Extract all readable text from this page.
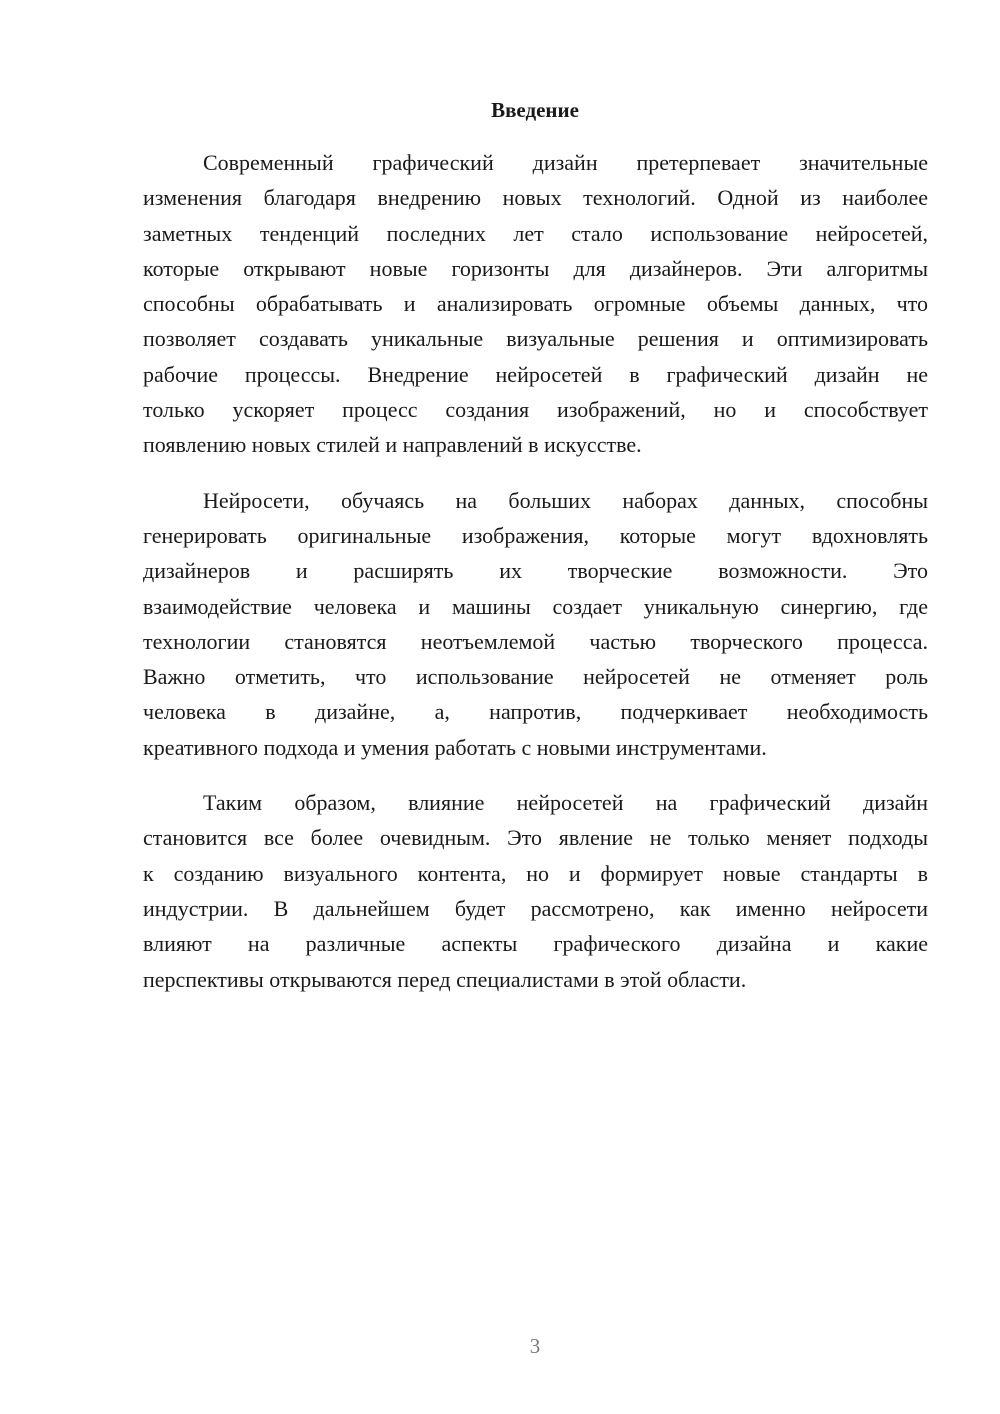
Введение
Современный графический дизайн претерпевает значительные
изменения благодаря внедрению новых технологий. Одной из наиболее
заметных тенденций последних лет стало использование нейросетей,
которые открывают новые горизонты для дизайнеров. Эти алгоритмы
способны обрабатывать и анализировать огромные объемы данных, что
позволяет создавать уникальные визуальные решения и оптимизировать
рабочие процессы. Внедрение нейросетей в графический дизайн не
только ускоряет процесс создания изображений, но и способствует
появлению новых стилей и направлений в искусстве.
Нейросети, обучаясь на больших наборах данных, способны
генерировать оригинальные изображения, которые могут вдохновлять
дизайнеров и расширять их творческие возможности. Это
взаимодействие человека и машины создает уникальную синергию, где
технологии становятся неотъемлемой частью творческого процесса.
Важно отметить, что использование нейросетей не отменяет роль
человека в дизайне, а, напротив, подчеркивает необходимость
креативного подхода и умения работать с новыми инструментами.
Таким образом, влияние нейросетей на графический дизайн
становится все более очевидным. Это явление не только меняет подходы
к созданию визуального контента, но и формирует новые стандарты в
индустрии. В дальнейшем будет рассмотрено, как именно нейросети
влияют на различные аспекты графического дизайна и какие
перспективы открываются перед специалистами в этой области.
3
